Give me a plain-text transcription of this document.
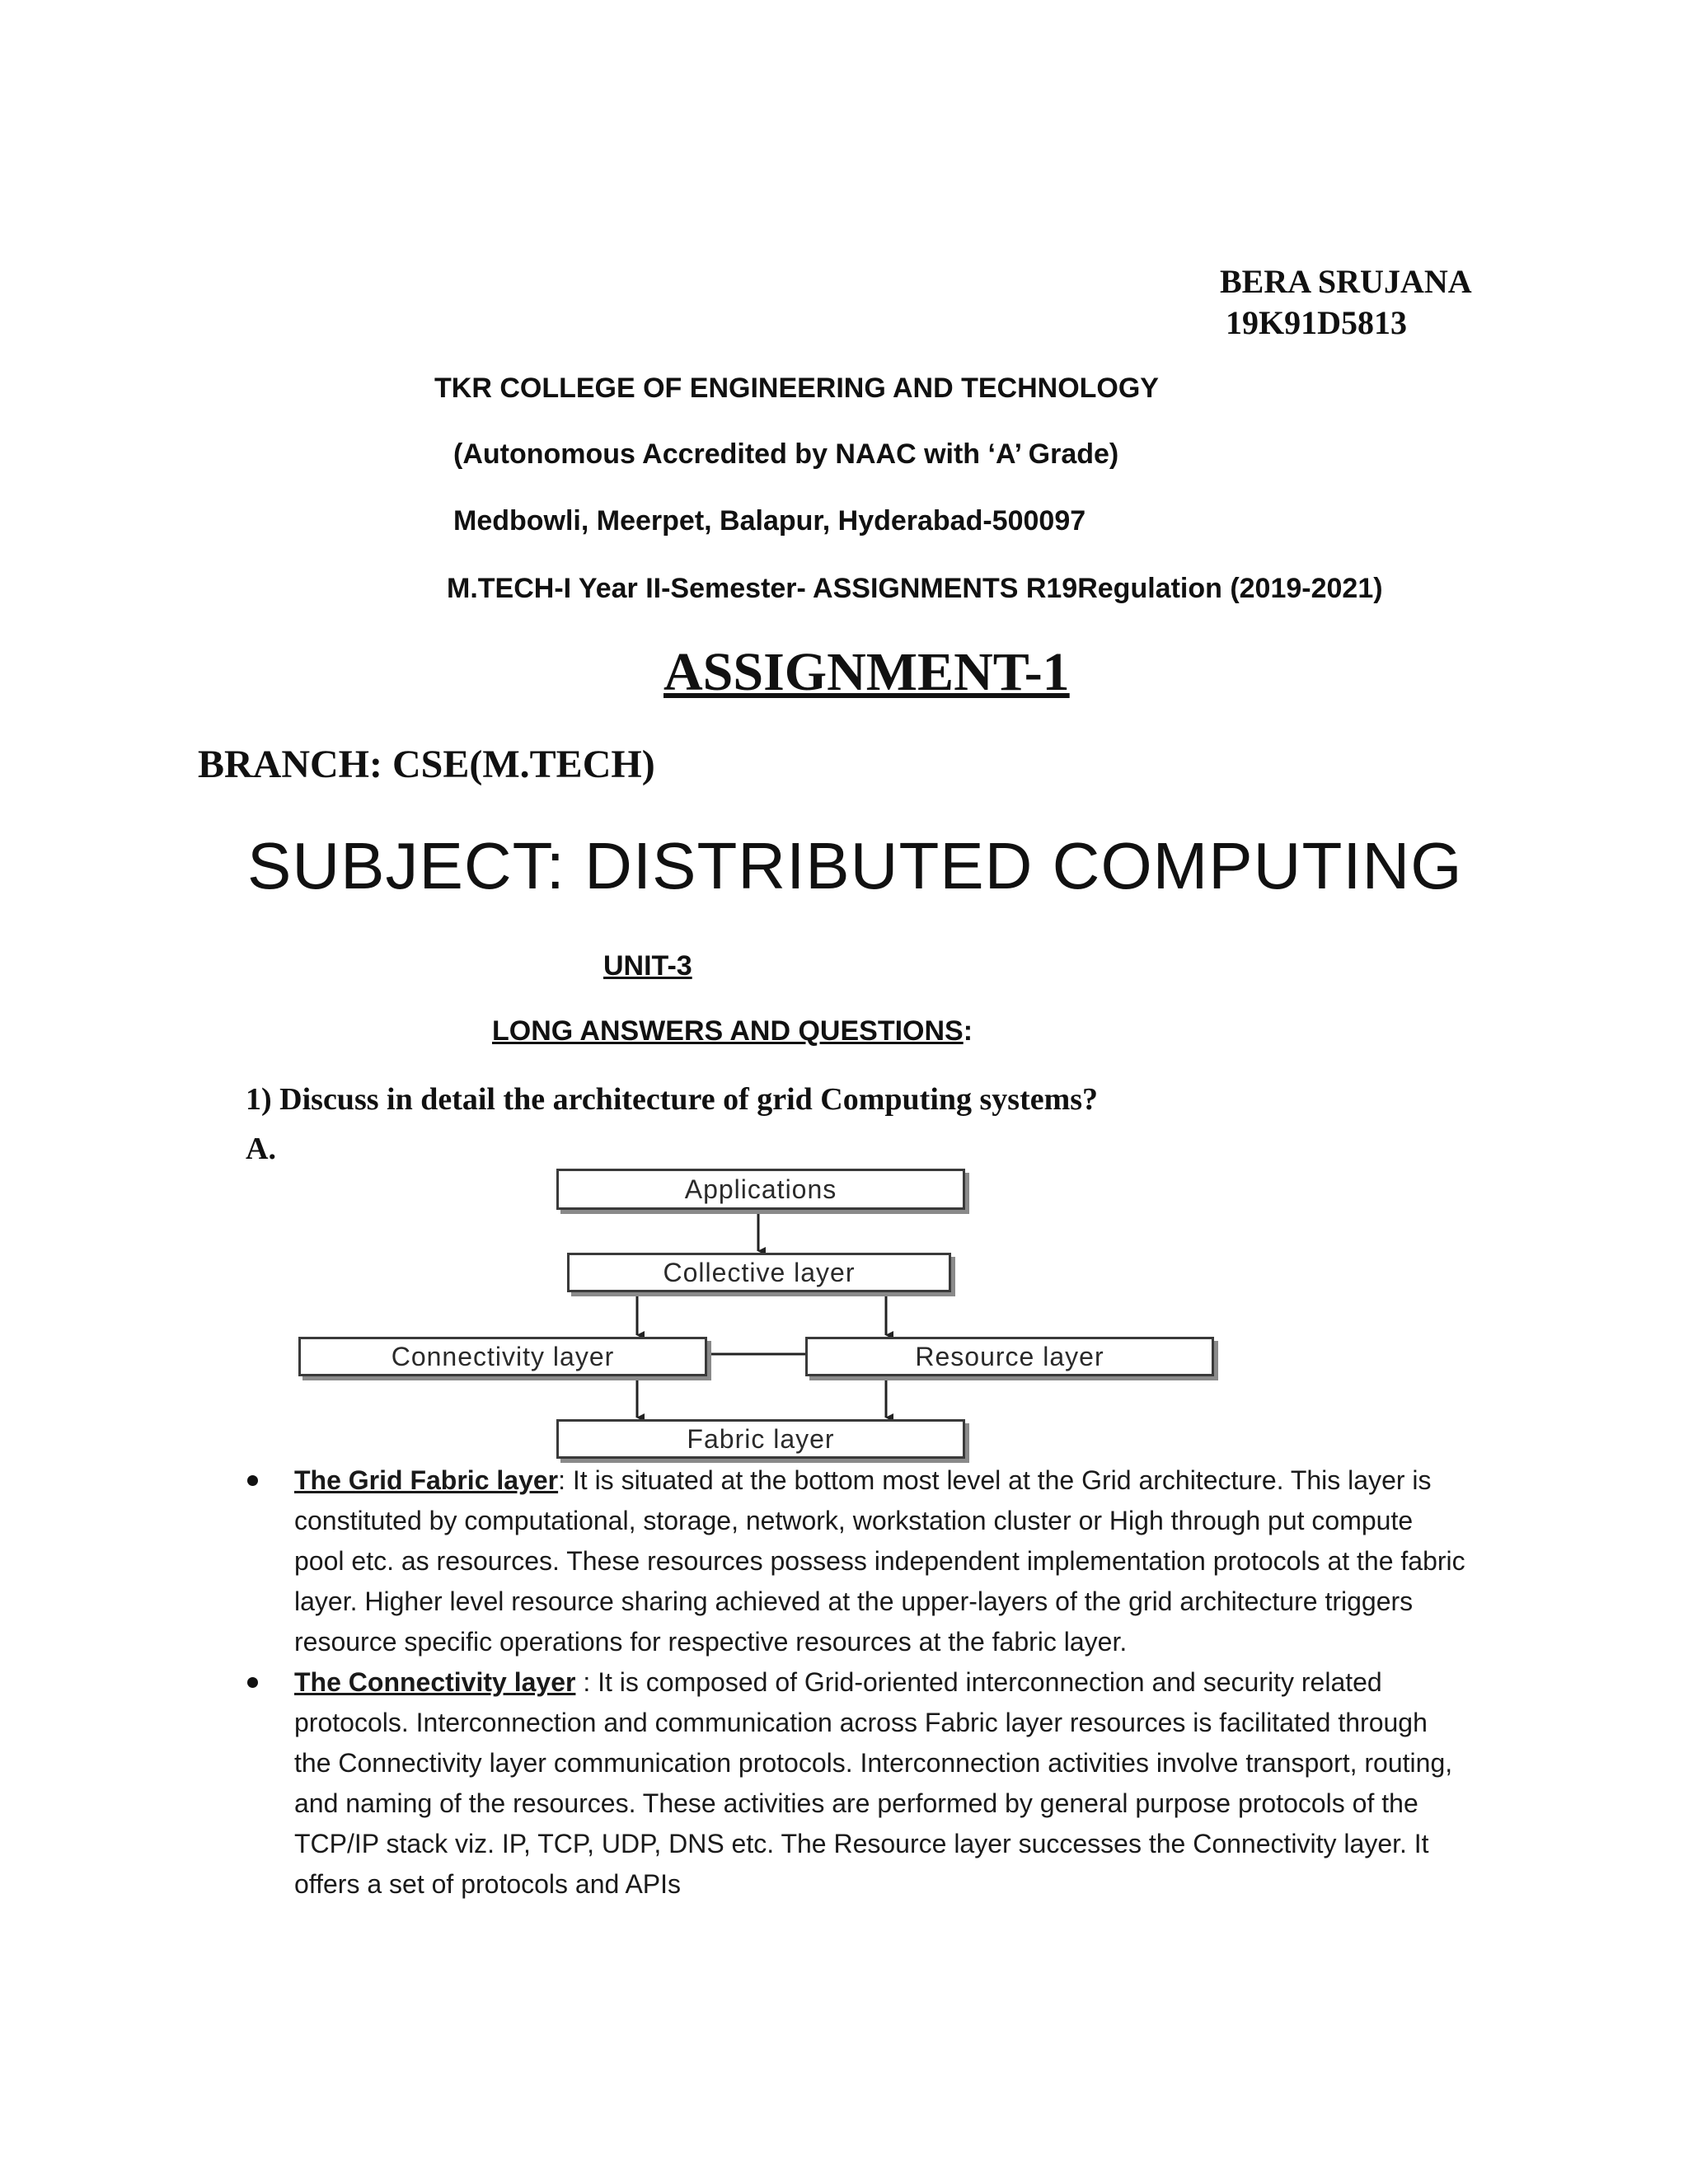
BERA SRUJANA
19K91D5813
TKR COLLEGE OF ENGINEERING AND TECHNOLOGY
(Autonomous Accredited by NAAC with ‘A’ Grade)
Medbowli, Meerpet, Balapur, Hyderabad-500097
M.TECH-I Year II-Semester- ASSIGNMENTS R19Regulation (2019-2021)
ASSIGNMENT-1
BRANCH: CSE(M.TECH)
SUBJECT: DISTRIBUTED COMPUTING
UNIT-3
LONG ANSWERS AND QUESTIONS:
1) Discuss in detail the architecture of grid Computing systems?
A.
Applications
Collective layer
Connectivity layer	Resource layer
Fabric layer
The Grid Fabric layer: It is situated at the bottom most level at the Grid architecture. This layer is constituted by computational, storage, network, workstation cluster or High through put compute pool etc. as resources. These resources possess independent implementation protocols at the fabric layer. Higher level resource sharing achieved at the upper-layers of the grid architecture triggers resource specific operations for respective resources at the fabric layer.
The Connectivity layer : It is composed of Grid-oriented interconnection and security related protocols. Interconnection and communication across Fabric layer resources is facilitated through the Connectivity layer communication protocols. Interconnection activities involve transport, routing, and naming of the resources. These activities are performed by general purpose protocols of the TCP/IP stack viz. IP, TCP, UDP, DNS etc. The Resource layer successes the Connectivity layer. It offers a set of protocols and APIs
